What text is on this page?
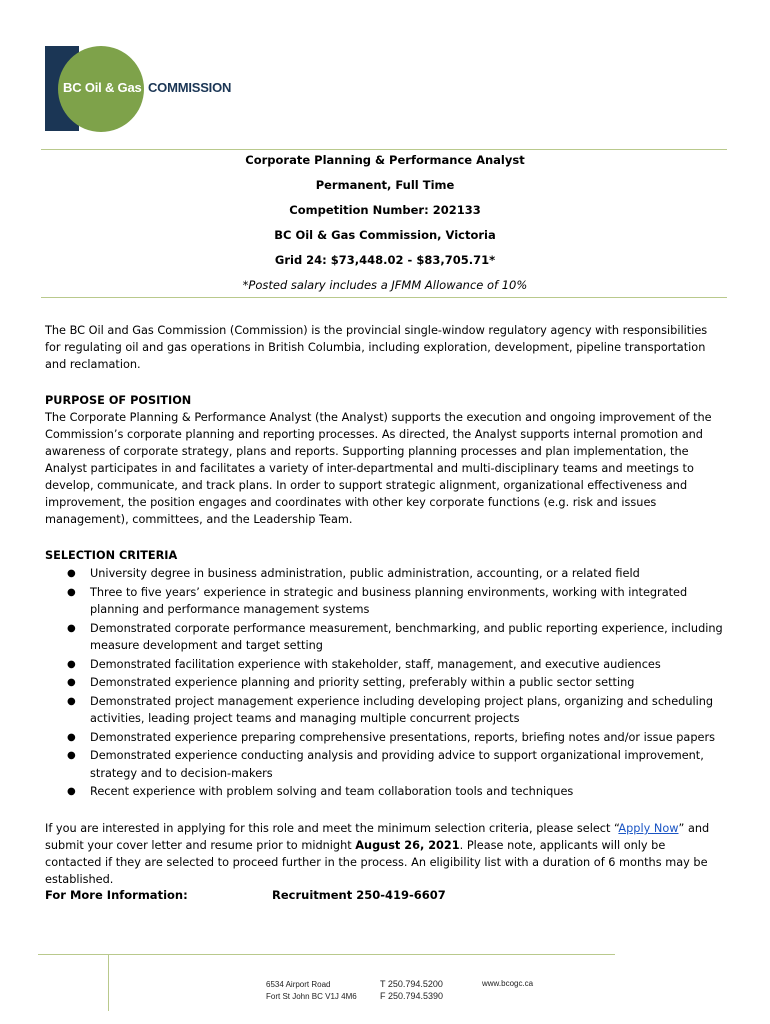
BC Oil & Gas COMMISSION
Corporate Planning & Performance Analyst
Permanent, Full Time
Competition Number: 202133
BC Oil & Gas Commission, Victoria
Grid 24: $73,448.02 - $83,705.71*
*Posted salary includes a JFMM Allowance of 10%
The BC Oil and Gas Commission (Commission) is the provincial single-window regulatory agency with responsibilities for regulating oil and gas operations in British Columbia, including exploration, development, pipeline transportation and reclamation.
PURPOSE OF POSITION
The Corporate Planning & Performance Analyst (the Analyst) supports the execution and ongoing improvement of the Commission’s corporate planning and reporting processes. As directed, the Analyst supports internal promotion and awareness of corporate strategy, plans and reports. Supporting planning processes and plan implementation, the Analyst participates in and facilitates a variety of inter-departmental and multi-disciplinary teams and meetings to develop, communicate, and track plans. In order to support strategic alignment, organizational effectiveness and improvement, the position engages and coordinates with other key corporate functions (e.g. risk and issues management), committees, and the Leadership Team.
SELECTION CRITERIA
● University degree in business administration, public administration, accounting, or a related field
● Three to five years’ experience in strategic and business planning environments, working with integrated planning and performance management systems
● Demonstrated corporate performance measurement, benchmarking, and public reporting experience, including measure development and target setting
● Demonstrated facilitation experience with stakeholder, staff, management, and executive audiences
● Demonstrated experience planning and priority setting, preferably within a public sector setting
● Demonstrated project management experience including developing project plans, organizing and scheduling activities, leading project teams and managing multiple concurrent projects
● Demonstrated experience preparing comprehensive presentations, reports, briefing notes and/or issue papers
● Demonstrated experience conducting analysis and providing advice to support organizational improvement, strategy and to decision-makers
● Recent experience with problem solving and team collaboration tools and techniques
If you are interested in applying for this role and meet the minimum selection criteria, please select “Apply Now” and submit your cover letter and resume prior to midnight August 26, 2021. Please note, applicants will only be contacted if they are selected to proceed further in the process. An eligibility list with a duration of 6 months may be established.
For More Information:	Recruitment 250-419-6607
6534 Airport Road
Fort St John BC V1J 4M6
T 250.794.5200
F 250.794.5390
www.bcogc.ca
